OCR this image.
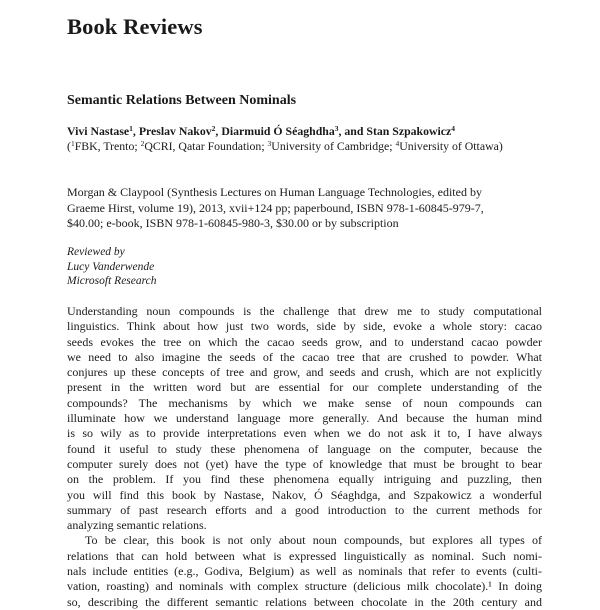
Book Reviews
Semantic Relations Between Nominals
Vivi Nastase$^1$, Preslav Nakov$^2$, Diarmuid Ó Séaghdha$^3$, and Stan Szpakowicz$^4$
($^1$FBK, Trento; $^2$QCRI, Qatar Foundation; $^3$University of Cambridge; $^4$University of Ottawa)
Morgan & Claypool (Synthesis Lectures on Human Language Technologies, edited by
Graeme Hirst, volume 19), 2013, xvii+124 pp; paperbound, ISBN 978-1-60845-979-7,
$40.00; e-book, ISBN 978-1-60845-980-3, $30.00 or by subscription
Reviewed by
Lucy Vanderwende
Microsoft Research

Understanding noun compounds is the challenge that drew me to study computational
linguistics. Think about how just two words, side by side, evoke a whole story: cacao
seeds evokes the tree on which the cacao seeds grow, and to understand cacao powder
we need to also imagine the seeds of the cacao tree that are crushed to powder. What
conjures up these concepts of tree and grow, and seeds and crush, which are not explicitly
present in the written word but are essential for our complete understanding of the
compounds? The mechanisms by which we make sense of noun compounds can
illuminate how we understand language more generally. And because the human mind
is so wily as to provide interpretations even when we do not ask it to, I have always
found it useful to study these phenomena of language on the computer, because the
computer surely does not (yet) have the type of knowledge that must be brought to bear
on the problem. If you find these phenomena equally intriguing and puzzling, then
you will find this book by Nastase, Nakov, Ó Séaghdga, and Szpakowicz a wonderful
summary of past research efforts and a good introduction to the current methods for
analyzing semantic relations.

To be clear, this book is not only about noun compounds, but explores all types of
relations that can hold between what is expressed linguistically as nominal. Such nomi-
nals include entities (e.g., Godiva, Belgium) as well as nominals that refer to events (culti-
vation, roasting) and nominals with complex structure (delicious milk chocolate).¹ In doing
so, describing the different semantic relations between chocolate in the 20th century and
